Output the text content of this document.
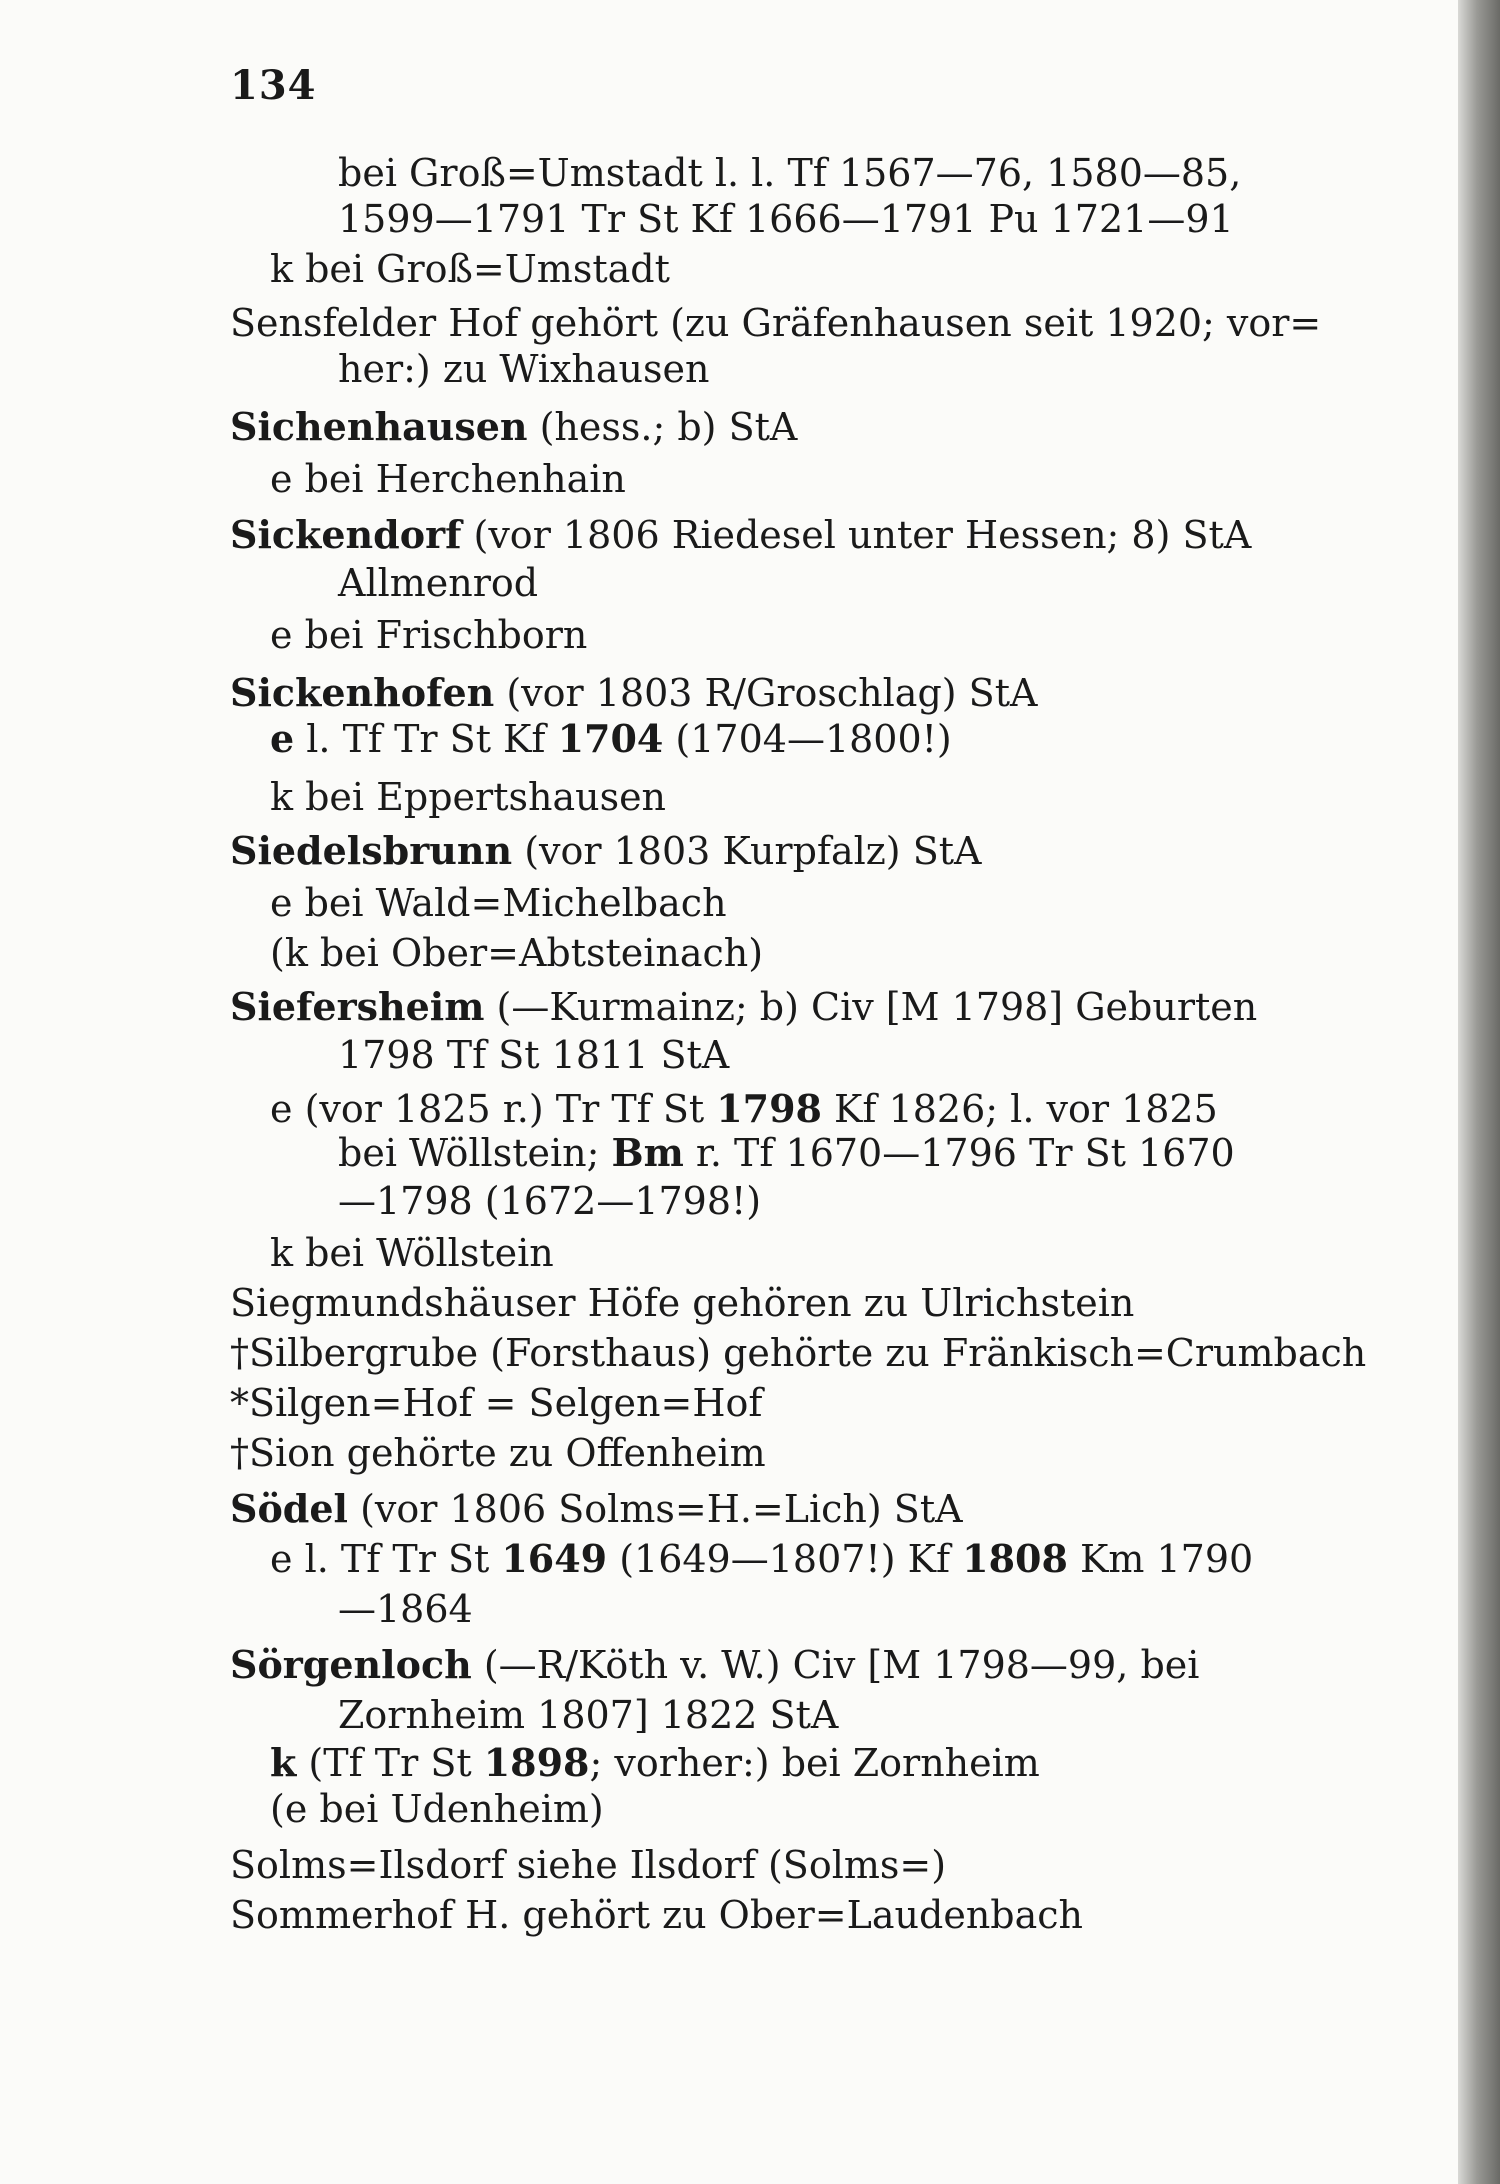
134
bei Groß=Umstadt l. l. Tf 1567—76, 1580—85,
1599—1791 Tr St Kf 1666—1791 Pu 1721—91
k bei Groß=Umstadt
Sensfelder Hof gehört (zu Gräfenhausen seit 1920; vor=
her:) zu Wixhausen
Sichenhausen (hess.; b) StA
e bei Herchenhain
Sickendorf (vor 1806 Riedesel unter Hessen; 8) StA
Allmenrod
e bei Frischborn
Sickenhofen (vor 1803 R/Groschlag) StA
e l. Tf Tr St Kf 1704 (1704—1800!)
k bei Eppertshausen
Siedelsbrunn (vor 1803 Kurpfalz) StA
e bei Wald=Michelbach
(k bei Ober=Abtsteinach)
Siefersheim (—Kurmainz; b) Civ [M 1798] Geburten
1798 Tf St 1811 StA
e (vor 1825 r.) Tr Tf St 1798 Kf 1826; l. vor 1825
bei Wöllstein; Bm r. Tf 1670—1796 Tr St 1670
—1798 (1672—1798!)
k bei Wöllstein
Siegmundshäuser Höfe gehören zu Ulrichstein
†Silbergrube (Forsthaus) gehörte zu Fränkisch=Crumbach
*Silgen=Hof = Selgen=Hof
†Sion gehörte zu Offenheim
Södel (vor 1806 Solms=H.=Lich) StA
e l. Tf Tr St 1649 (1649—1807!) Kf 1808 Km 1790
—1864
Sörgenloch (—R/Köth v. W.) Civ [M 1798—99, bei
Zornheim 1807] 1822 StA
k (Tf Tr St 1898; vorher:) bei Zornheim
(e bei Udenheim)
Solms=Ilsdorf siehe Ilsdorf (Solms=)
Sommerhof H. gehört zu Ober=Laudenbach
